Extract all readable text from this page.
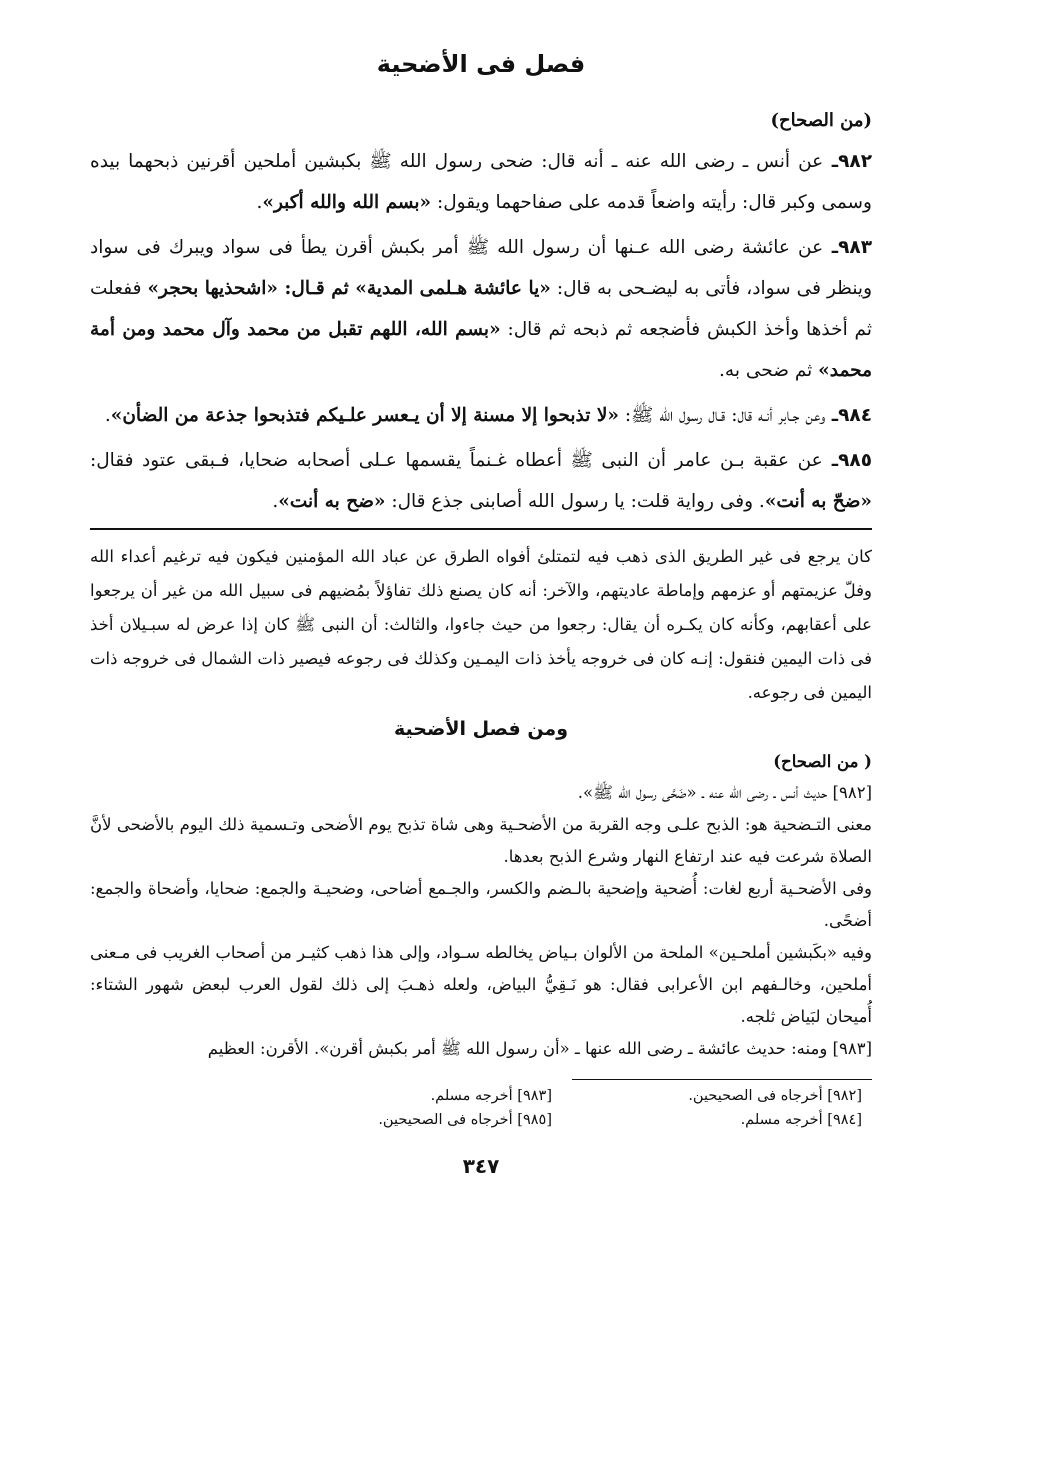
فصل فى الأضحية
(من الصحاح)

٩٨٢ـ عن أنس ـ رضى الله عنه ـ أنه قال: ضحى رسول الله ﷺ بكبشين أملحين أقرنين ذبحهما بيده وسمى وكبر قال: رأيته واضعاً قدمه على صفاحهما ويقول: «بسم الله والله أكبر».

٩٨٣ـ عن عائشة رضى الله عـنها أن رسول الله ﷺ أمر بكبش أقرن يطأ فى سواد ويبرك فى سواد وينظر فى سواد، فأتى به ليضـحى به قال: «يا عائشة هـلمى المدية» ثم قـال: «اشحذيها بحجر» ففعلت ثم أخذها وأخذ الكبش فأضجعه ثم ذبحه ثم قال: «بسم الله، اللهم تقبل من محمد وآل محمد ومن أمة محمد» ثم ضحى به.

٩٨٤ـ وعن جـابر أنـه قال: قـال رسول الله ﷺ: «لا تذبحوا إلا مسنة إلا أن يـعسر علـيكم فتذبحوا جذعة من الضأن».

٩٨٥ـ عن عقبة بـن عامر أن النبى ﷺ أعطاه غـنماً يقسمها عـلى أصحابه ضحايا، فـبقى عتود فقال: «ضحّ به أنت». وفى رواية قلت: يا رسول الله أصابنى جذع قال: «ضح به أنت».

كان يرجع فى غير الطريق الذى ذهب فيه لتمتلئ أفواه الطرق عن عباد الله المؤمنين فيكون فيه ترغيم أعداء الله وفلّ عزيمتهم أو عزمهم وإماطة عاديتهم، والآخر: أنه كان يصنع ذلك تفاؤلاً بمُضيهم فى سبيل الله من غير أن يرجعوا على أعقابهم، وكأنه كان يكـره أن يقال: رجعوا من حيث جاءوا، والثالث: أن النبى ﷺ كان إذا عرض له سبـيلان أخذ فى ذات اليمين فنقول: إنـه كان فى خروجه يأخذ ذات اليمـين وكذلك فى رجوعه فيصير ذات الشمال فى خروجه ذات اليمين فى رجوعه.

ومن فصل الأضحية
( من الصحاح)

[٩٨٢] حديث أنس ـ رضى الله عنه ـ «ضَحَّى رسول الله ﷺ».

معنى التـضحية هو: الذبح علـى وجه القربة من الأضحـية وهى شاة تذبح يوم الأضحى وتـسمية ذلك اليوم بالأضحى لأنَّ الصلاة شرعت فيه عند ارتفاع النهار وشرع الذبح بعدها.

وفى الأضحـية أربع لغات: أُضحية وإضحية بالـضم والكسر، والجـمع أضاحى، وضحيـة والجمع: ضحايا، وأضحاة والجمع: أضحًى.

وفيه «بكَبشين أملحـين» الملحة من الألوان بـياض يخالطه سـواد، وإلى هذا ذهب كثيـر من أصحاب الغريب فى مـعنى أملحين، وخالـفهم ابن الأعرابى فقال: هو نَـقِيُّ البياض، ولعله ذهـبَ إلى ذلك لقول العرب لبعض شهور الشتاء: أُميحان لبَياض ثلجه.

[٩٨٣] ومنه: حديث عائشة ـ رضى الله عنها ـ «أن رسول الله ﷺ أمر بكبش أقرن». الأقرن: العظيم

[٩٨٢] أخرجاه فى الصحيحين.
[٩٨٣] أخرجه مسلم.
[٩٨٤] أخرجه مسلم.
[٩٨٥] أخرجاه فى الصحيحين.
٣٤٧
